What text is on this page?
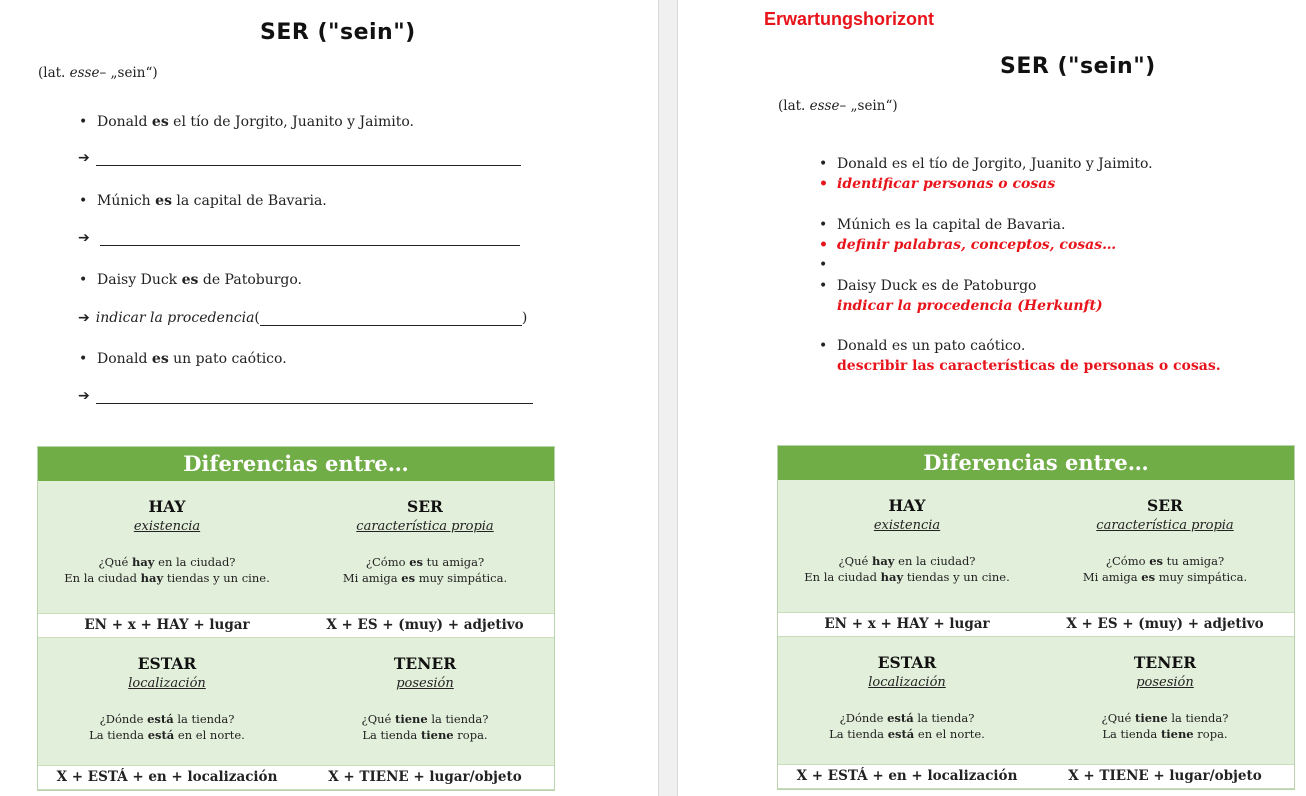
SER ("sein")
(lat. esse– „sein“)
• Donald es el tío de Jorgito, Juanito y Jaimito.
➔
• Múnich es la capital de Bavaria.
➔
• Daisy Duck es de Patoburgo.
➔ indicar la procedencia (	)
• Donald es un pato caótico.
➔
Diferencias entre…
HAY
existencia
¿Qué hay en la ciudad?
En la ciudad hay tiendas y un cine.
SER
característica propia
¿Cómo es tu amiga?
Mi amiga es muy simpática.
EN + x + HAY + lugar	X + ES + (muy) + adjetivo
ESTAR
localización
¿Dónde está la tienda?
La tienda está en el norte.
TENER
posesión
¿Qué tiene la tienda?
La tienda tiene ropa.
X + ESTÁ + en + localización	X + TIENE + lugar/objeto
Erwartungshorizont
SER ("sein")
(lat. esse– „sein“)
• Donald es el tío de Jorgito, Juanito y Jaimito.
• identificar personas o cosas
• Múnich es la capital de Bavaria.
• definir palabras, conceptos, cosas…
• Daisy Duck es de Patoburgo
indicar la procedencia (Herkunft)
• Donald es un pato caótico.
describir las características de personas o cosas.
Diferencias entre…
HAY
existencia
¿Qué hay en la ciudad?
En la ciudad hay tiendas y un cine.
SER
característica propia
¿Cómo es tu amiga?
Mi amiga es muy simpática.
EN + x + HAY + lugar	X + ES + (muy) + adjetivo
ESTAR
localización
¿Dónde está la tienda?
La tienda está en el norte.
TENER
posesión
¿Qué tiene la tienda?
La tienda tiene ropa.
X + ESTÁ + en + localización	X + TIENE + lugar/objeto
